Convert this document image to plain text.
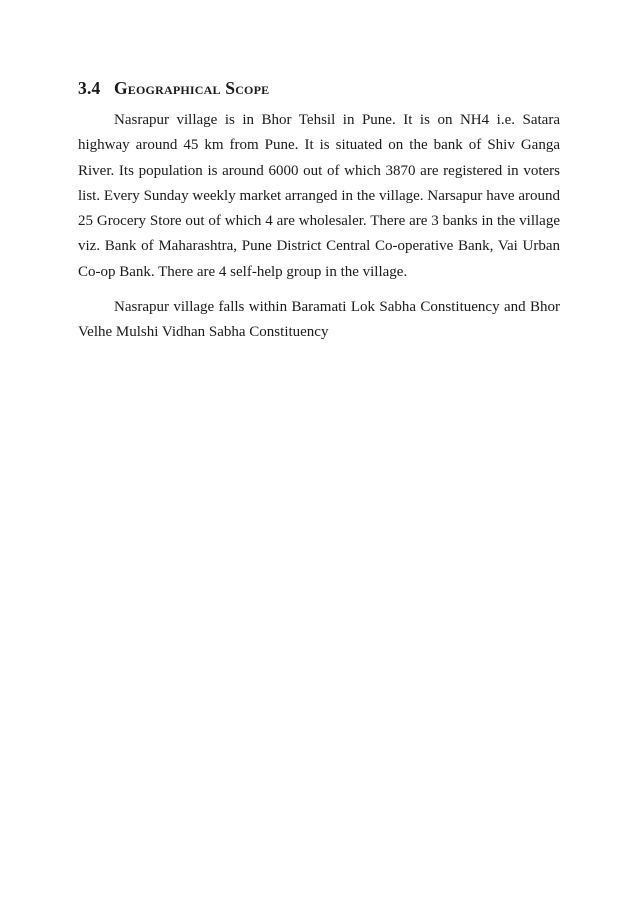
3.4 Geographical Scope

Nasrapur village is in Bhor Tehsil in Pune. It is on NH4 i.e. Satara highway around 45 km from Pune. It is situated on the bank of Shiv Ganga River. Its population is around 6000 out of which 3870 are registered in voters list. Every Sunday weekly market arranged in the village. Narsapur have around 25 Grocery Store out of which 4 are wholesaler. There are 3 banks in the village viz. Bank of Maharashtra, Pune District Central Co-operative Bank, Vai Urban Co-op Bank. There are 4 self-help group in the village.

Nasrapur village falls within Baramati Lok Sabha Constituency and Bhor Velhe Mulshi Vidhan Sabha Constituency
